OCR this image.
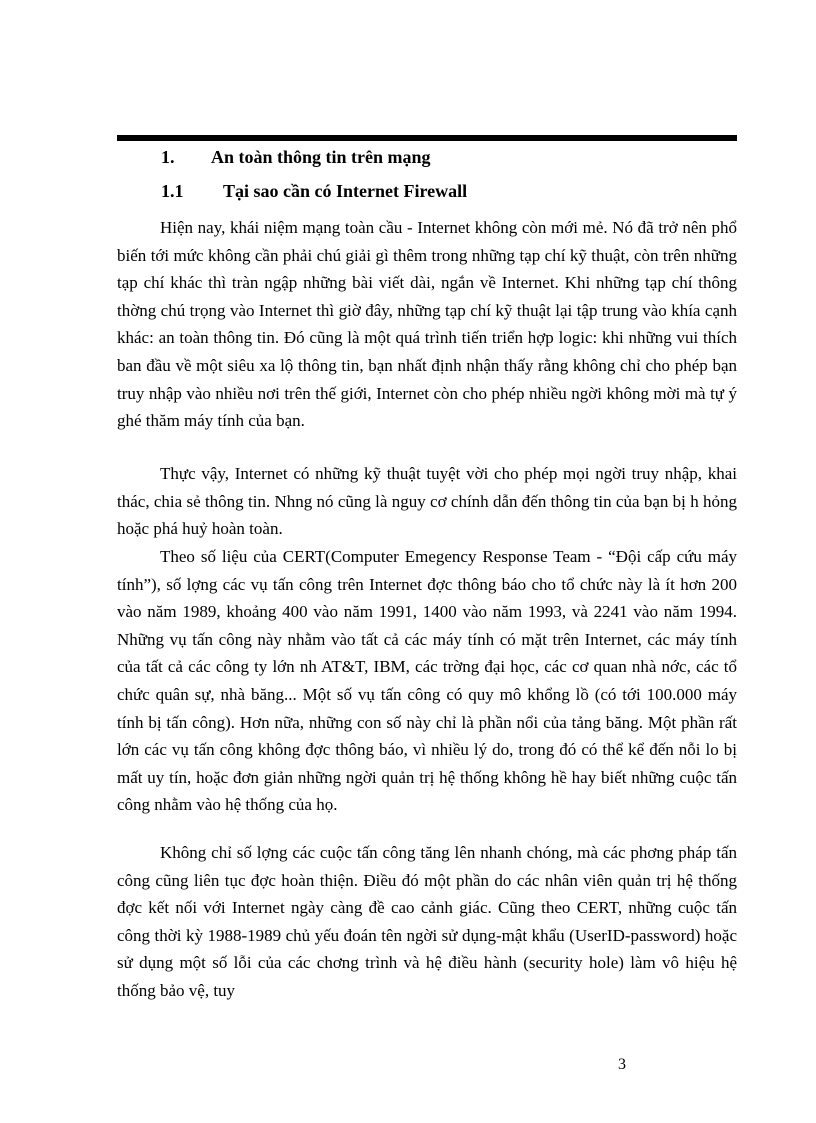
1. An toàn thông tin trên mạng
1.1 Tại sao cần có Internet Firewall

Hiện nay, khái niệm mạng toàn cầu - Internet không còn mới mẻ. Nó đã trở nên phổ biến tới mức không cần phải chú giải gì thêm trong những tạp chí kỹ thuật, còn trên những tạp chí khác thì tràn ngập những bài viết dài, ngắn về Internet. Khi những tạp chí thông thờng chú trọng vào Internet thì giờ đây, những tạp chí kỹ thuật lại tập trung vào khía cạnh khác: an toàn thông tin. Đó cũng là một quá trình tiến triển hợp logic: khi những vui thích ban đầu về một siêu xa lộ thông tin, bạn nhất định nhận thấy rằng không chỉ cho phép bạn truy nhập vào nhiều nơi trên thế giới, Internet còn cho phép nhiều ngời không mời mà tự ý ghé thăm máy tính của bạn.

Thực vậy, Internet có những kỹ thuật tuyệt vời cho phép mọi ngời truy nhập, khai thác, chia sẻ thông tin. Nhng nó cũng là nguy cơ chính dẫn đến thông tin của bạn bị h hỏng hoặc phá huỷ hoàn toàn.

Theo số liệu của CERT(Computer Emegency Response Team - “Đội cấp cứu máy tính”), số lợng các vụ tấn công trên Internet đợc thông báo cho tổ chức này là ít hơn 200 vào năm 1989, khoảng 400 vào năm 1991, 1400 vào năm 1993, và 2241 vào năm 1994. Những vụ tấn công này nhằm vào tất cả các máy tính có mặt trên Internet, các máy tính của tất cả các công ty lớn nh AT&T, IBM, các trờng đại học, các cơ quan nhà nớc, các tổ chức quân sự, nhà băng... Một số vụ tấn công có quy mô khổng lồ (có tới 100.000 máy tính bị tấn công). Hơn nữa, những con số này chỉ là phần nổi của tảng băng. Một phần rất lớn các vụ tấn công không đợc thông báo, vì nhiều lý do, trong đó có thể kể đến nỗi lo bị mất uy tín, hoặc đơn giản những ngời quản trị hệ thống không hề hay biết những cuộc tấn công nhằm vào hệ thống của họ.

Không chỉ số lợng các cuộc tấn công tăng lên nhanh chóng, mà các phơng pháp tấn công cũng liên tục đợc hoàn thiện. Điều đó một phần do các nhân viên quản trị hệ thống đợc kết nối với Internet ngày càng đề cao cảnh giác. Cũng theo CERT, những cuộc tấn công thời kỳ 1988-1989 chủ yếu đoán tên ngời sử dụng-mật khẩu (UserID-password) hoặc sử dụng một số lỗi của các chơng trình và hệ điều hành (security hole) làm vô hiệu hệ thống bảo vệ, tuy

3
